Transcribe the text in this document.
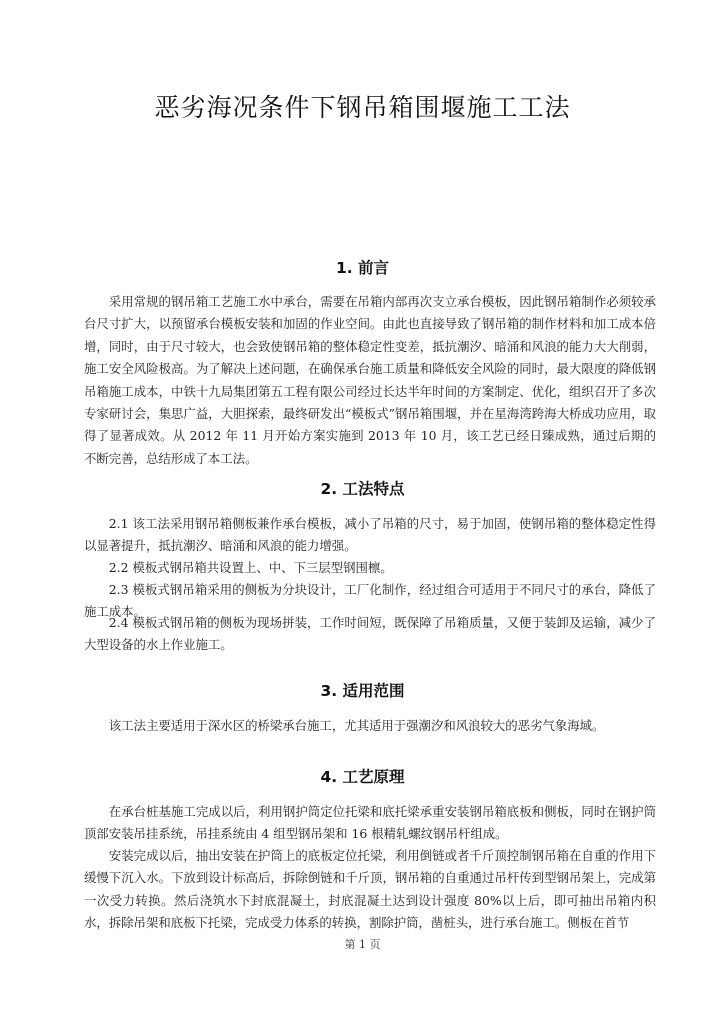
恶劣海况条件下钢吊箱围堰施工工法
1. 前言

采用常规的钢吊箱工艺施工水中承台，需要在吊箱内部再次支立承台模板，因此钢吊箱制作必须较承台尺寸扩大，以预留承台模板安装和加固的作业空间。由此也直接导致了钢吊箱的制作材料和加工成本倍增，同时，由于尺寸较大，也会致使钢吊箱的整体稳定性变差，抵抗潮汐、暗涌和风浪的能力大大削弱，施工安全风险极高。为了解决上述问题，在确保承台施工质量和降低安全风险的同时，最大限度的降低钢吊箱施工成本，中铁十九局集团第五工程有限公司经过长达半年时间的方案制定、优化，组织召开了多次专家研讨会，集思广益，大胆探索，最终研发出“模板式”钢吊箱围堰，并在星海湾跨海大桥成功应用，取得了显著成效。从 2012 年 11 月开始方案实施到 2013 年 10 月，该工艺已经日臻成熟，通过后期的不断完善，总结形成了本工法。

2. 工法特点

2.1 该工法采用钢吊箱侧板兼作承台模板，减小了吊箱的尺寸，易于加固，使钢吊箱的整体稳定性得以显著提升，抵抗潮汐、暗涌和风浪的能力增强。

2.2 模板式钢吊箱共设置上、中、下三层型钢围檩。

2.3 模板式钢吊箱采用的侧板为分块设计，工厂化制作，经过组合可适用于不同尺寸的承台，降低了施工成本。

2.4 模板式钢吊箱的侧板为现场拼装，工作时间短，既保障了吊箱质量，又便于装卸及运输，减少了大型设备的水上作业施工。

3. 适用范围

该工法主要适用于深水区的桥梁承台施工，尤其适用于强潮汐和风浪较大的恶劣气象海域。

4. 工艺原理

在承台桩基施工完成以后，利用钢护筒定位托梁和底托梁承重安装钢吊箱底板和侧板，同时在钢护筒顶部安装吊挂系统，吊挂系统由 4 组型钢吊架和 16 根精轧螺纹钢吊杆组成。

安装完成以后，抽出安装在护筒上的底板定位托梁，利用倒链或者千斤顶控制钢吊箱在自重的作用下缓慢下沉入水。下放到设计标高后，拆除倒链和千斤顶，钢吊箱的自重通过吊杆传到型钢吊架上，完成第一次受力转换。然后浇筑水下封底混凝土，封底混凝土达到设计强度 80%以上后，即可抽出吊箱内积水，拆除吊架和底板下托梁，完成受力体系的转换，割除护筒，凿桩头，进行承台施工。侧板在首节

第 1 页
